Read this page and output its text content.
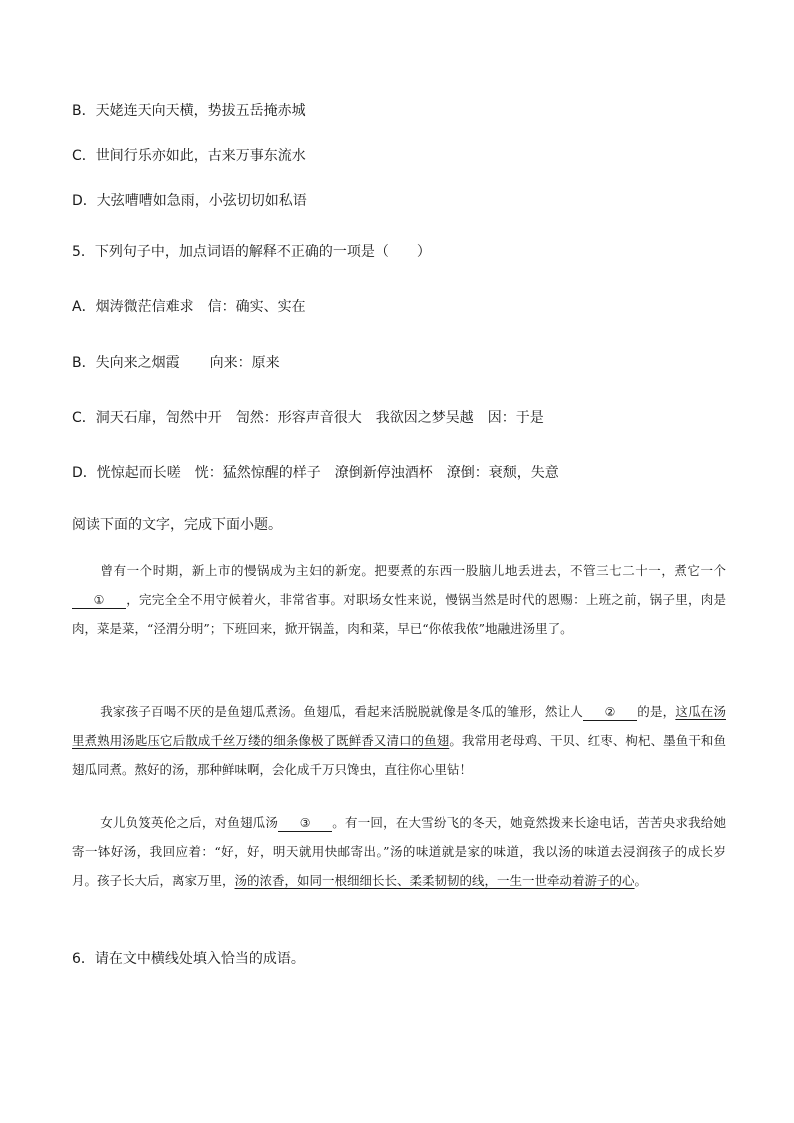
B．天姥连天向天横，势拔五岳掩赤城
C．世间行乐亦如此，古来万事东流水
D．大弦嘈嘈如急雨，小弦切切如私语
5．下列句子中，加点词语的解释不正确的一项是（　　）
A．烟涛微茫信难求 信：确实、实在
B．失向来之烟霞 向来：原来
C．洞天石扉，訇然中开 訇然：形容声音很大 我欲因之梦吴越 因：于是
D．恍惊起而长嗟 恍：猛然惊醒的样子 潦倒新停浊酒杯 潦倒：衰颓，失意
阅读下面的文字，完成下面小题。
曾有一个时期，新上市的慢锅成为主妇的新宠。把要煮的东西一股脑儿地丢进去，不管三七二十一，煮它一个① ，完完全全不用守候着火，非常省事。对职场女性来说，慢锅当然是时代的恩赐：上班之前，锅子里，肉是肉，菜是菜，“泾渭分明”；下班回来，掀开锅盖，肉和菜，早已“你侬我侬”地融进汤里了。
我家孩子百喝不厌的是鱼翅瓜煮汤。鱼翅瓜，看起来活脱脱就像是冬瓜的雏形，然让人 ② 的是，这瓜在汤里煮熟用汤匙压它后散成千丝万缕的细条像极了既鲜香又清口的鱼翅。我常用老母鸡、干贝、红枣、枸杞、墨鱼干和鱼翅瓜同煮。熬好的汤，那种鲜味啊，会化成千万只馋虫，直往你心里钻！
女儿负笈英伦之后，对鱼翅瓜汤 ③ 。有一回，在大雪纷飞的冬天，她竟然拨来长途电话，苦苦央求我给她寄一钵好汤，我回应着：“好，好，明天就用快邮寄出。”汤的味道就是家的味道，我以汤的味道去浸润孩子的成长岁月。孩子长大后，离家万里，汤的浓香，如同一根细细长长、柔柔韧韧的线，一生一世牵动着游子的心。
6．请在文中横线处填入恰当的成语。
